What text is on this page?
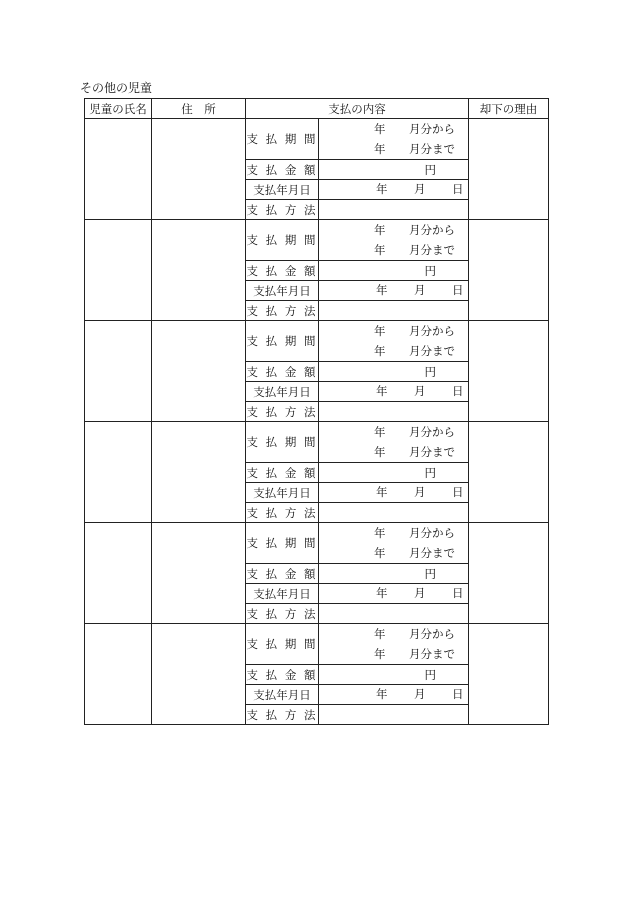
その他の児童
児童の氏名	住　所	支払の内容		却下の理由
		支 払 期 間	年 月分から
年 月分まで	

		支 払 金 額	円	

		支払年月日	年 月 日	

		支 払 方 法		
		支 払 期 間	年 月分から
年 月分まで	

		支 払 金 額	円	

		支払年月日	年 月 日	

		支 払 方 法		
		支 払 期 間	年 月分から
年 月分まで	

		支 払 金 額	円	

		支払年月日	年 月 日	

		支 払 方 法		
		支 払 期 間	年 月分から
年 月分まで	

		支 払 金 額	円	

		支払年月日	年 月 日	

		支 払 方 法		
		支 払 期 間	年 月分から
年 月分まで	

		支 払 金 額	円	

		支払年月日	年 月 日	

		支 払 方 法		
		支 払 期 間	年 月分から
年 月分まで	

		支 払 金 額	円	

		支払年月日	年 月 日	

		支 払 方 法		
